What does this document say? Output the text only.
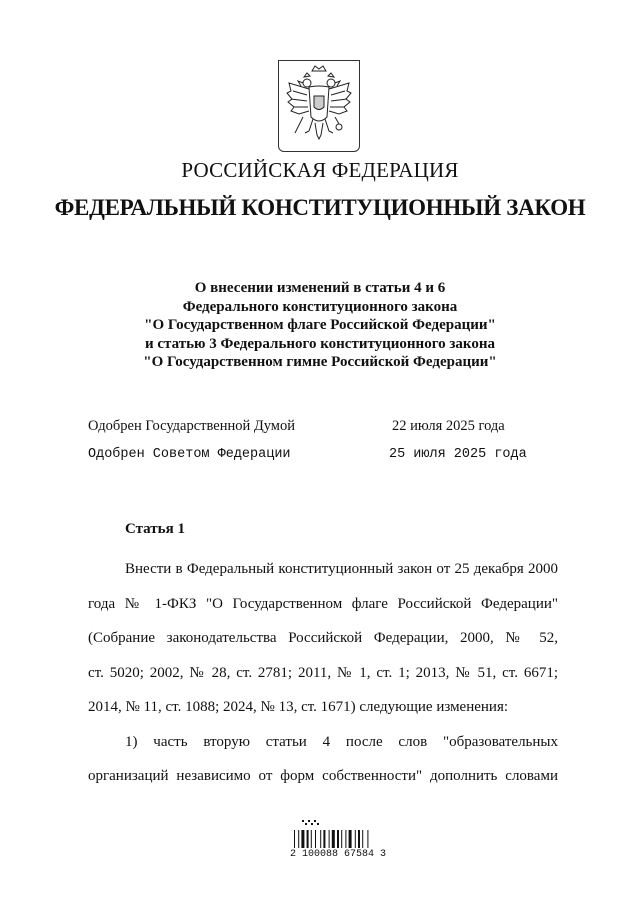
РОССИЙСКАЯ ФЕДЕРАЦИЯ
ФЕДЕРАЛЬНЫЙ КОНСТИТУЦИОННЫЙ ЗАКОН
О внесении изменений в статьи 4 и 6
Федерального конституционного закона
"О Государственном флаге Российской Федерации"
и статью 3 Федерального конституционного закона
"О Государственном гимне Российской Федерации"
Одобрен Государственной Думой	22 июля 2025 года
Одобрен Советом Федерации	25 июля 2025 года
Статья 1
Внести в Федеральный конституционный закон от 25 декабря 2000
года № 1-ФКЗ "О Государственном флаге Российской Федерации"
(Собрание законодательства Российской Федерации, 2000, № 52,
ст. 5020; 2002, № 28, ст. 2781; 2011, № 1, ст. 1; 2013, № 51, ст. 6671;
2014, № 11, ст. 1088; 2024, № 13, ст. 1671) следующие изменения:
1) часть вторую статьи 4 после слов "образовательных
организаций независимо от форм собственности" дополнить словами
2 100088 67584 3
